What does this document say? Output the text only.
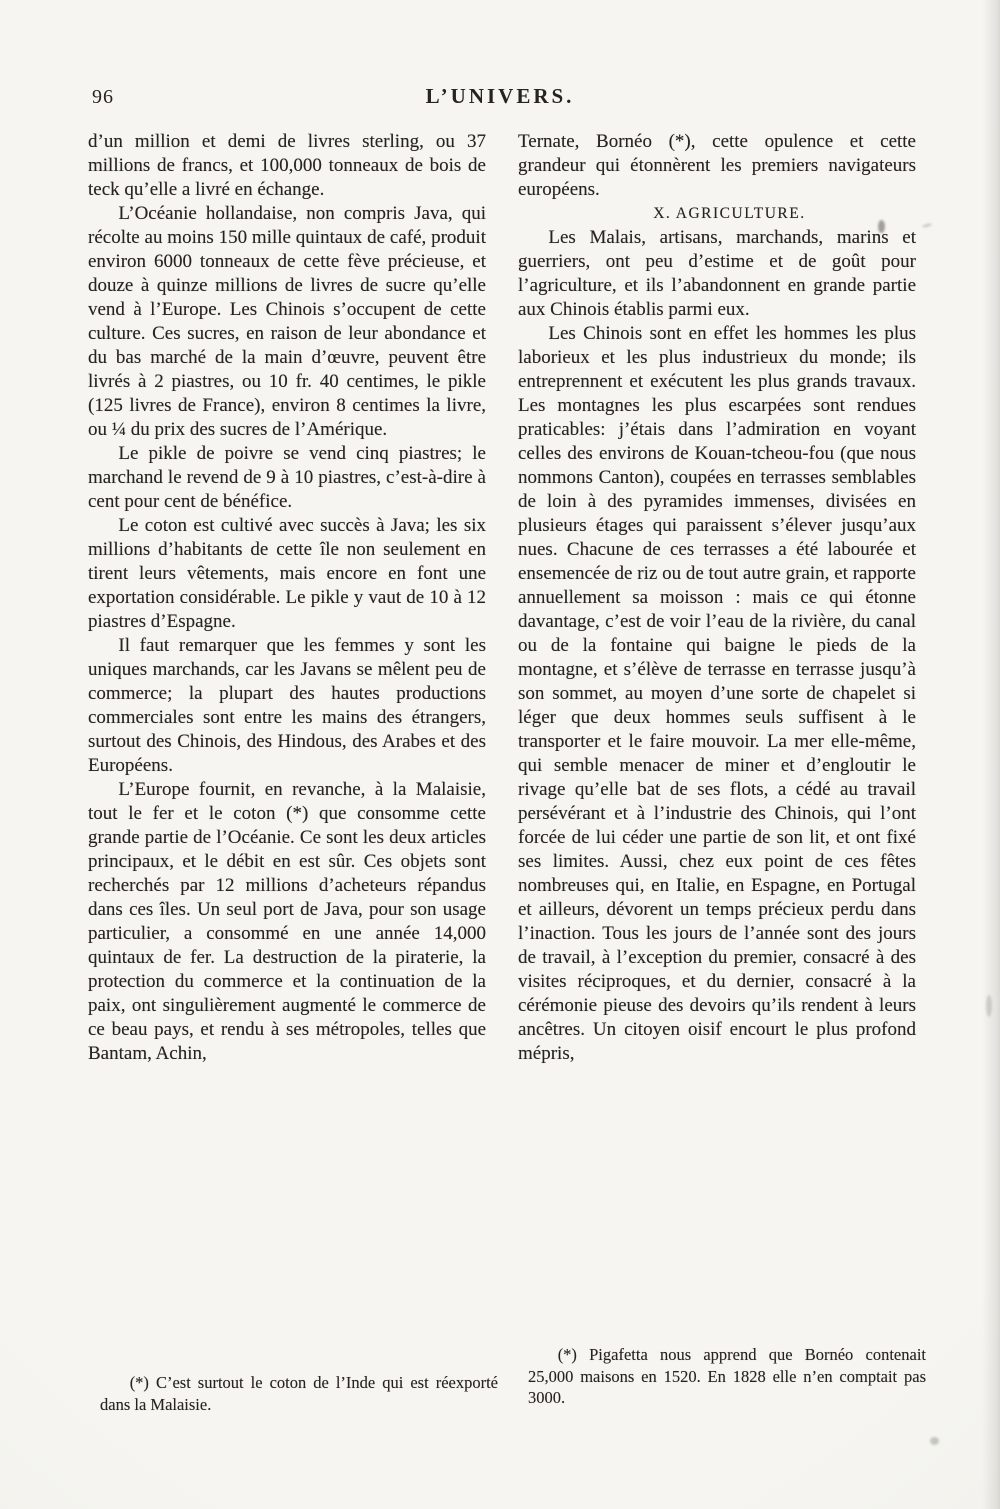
96	L’UNIVERS.

d’un million et demi de livres sterling, ou 37 millions de francs, et 100,000 tonneaux de bois de teck qu’elle a livré en échange.

L’Océanie hollandaise, non compris Java, qui récolte au moins 150 mille quintaux de café, produit environ 6000 tonneaux de cette fève précieuse, et douze à quinze millions de livres de sucre qu’elle vend à l’Europe. Les Chinois s’occupent de cette culture. Ces sucres, en raison de leur abondance et du bas marché de la main d’œuvre, peuvent être livrés à 2 piastres, ou 10 fr. 40 centimes, le pikle (125 livres de France), environ 8 centimes la livre, ou ¼ du prix des sucres de l’Amérique.

Le pikle de poivre se vend cinq piastres; le marchand le revend de 9 à 10 piastres, c’est-à-dire à cent pour cent de bénéfice.

Le coton est cultivé avec succès à Java; les six millions d’habitants de cette île non seulement en tirent leurs vêtements, mais encore en font une exportation considérable. Le pikle y vaut de 10 à 12 piastres d’Espagne.

Il faut remarquer que les femmes y sont les uniques marchands, car les Javans se mêlent peu de commerce; la plupart des hautes productions commerciales sont entre les mains des étrangers, surtout des Chinois, des Hindous, des Arabes et des Européens.

L’Europe fournit, en revanche, à la Malaisie, tout le fer et le coton (*) que consomme cette grande partie de l’Océanie. Ce sont les deux articles principaux, et le débit en est sûr. Ces objets sont recherchés par 12 millions d’acheteurs répandus dans ces îles. Un seul port de Java, pour son usage particulier, a consommé en une année 14,000 quintaux de fer. La destruction de la piraterie, la protection du commerce et la continuation de la paix, ont singulièrement augmenté le commerce de ce beau pays, et rendu à ses métropoles, telles que Bantam, Achin,

Ternate, Bornéo (*), cette opulence et cette grandeur qui étonnèrent les premiers navigateurs européens.

X. AGRICULTURE.

Les Malais, artisans, marchands, marins et guerriers, ont peu d’estime et de goût pour l’agriculture, et ils l’abandonnent en grande partie aux Chinois établis parmi eux.

Les Chinois sont en effet les hommes les plus laborieux et les plus industrieux du monde; ils entreprennent et exécutent les plus grands travaux. Les montagnes les plus escarpées sont rendues praticables: j’étais dans l’admiration en voyant celles des environs de Kouan-tcheou-fou (que nous nommons Canton), coupées en terrasses semblables de loin à des pyramides immenses, divisées en plusieurs étages qui paraissent s’élever jusqu’aux nues. Chacune de ces terrasses a été labourée et ensemencée de riz ou de tout autre grain, et rapporte annuellement sa moisson : mais ce qui étonne davantage, c’est de voir l’eau de la rivière, du canal ou de la fontaine qui baigne le pieds de la montagne, et s’élève de terrasse en terrasse jusqu’à son sommet, au moyen d’une sorte de chapelet si léger que deux hommes seuls suffisent à le transporter et le faire mouvoir. La mer elle-même, qui semble menacer de miner et d’engloutir le rivage qu’elle bat de ses flots, a cédé au travail persévérant et à l’industrie des Chinois, qui l’ont forcée de lui céder une partie de son lit, et ont fixé ses limites. Aussi, chez eux point de ces fêtes nombreuses qui, en Italie, en Espagne, en Portugal et ailleurs, dévorent un temps précieux perdu dans l’inaction. Tous les jours de l’année sont des jours de travail, à l’exception du premier, consacré à des visites réciproques, et du dernier, consacré à la cérémonie pieuse des devoirs qu’ils rendent à leurs ancêtres. Un citoyen oisif encourt le plus profond mépris,

(*) C’est surtout le coton de l’Inde qui est réexporté dans la Malaisie.
(*) Pigafetta nous apprend que Bornéo contenait 25,000 maisons en 1520. En 1828 elle n’en comptait pas 3000.
